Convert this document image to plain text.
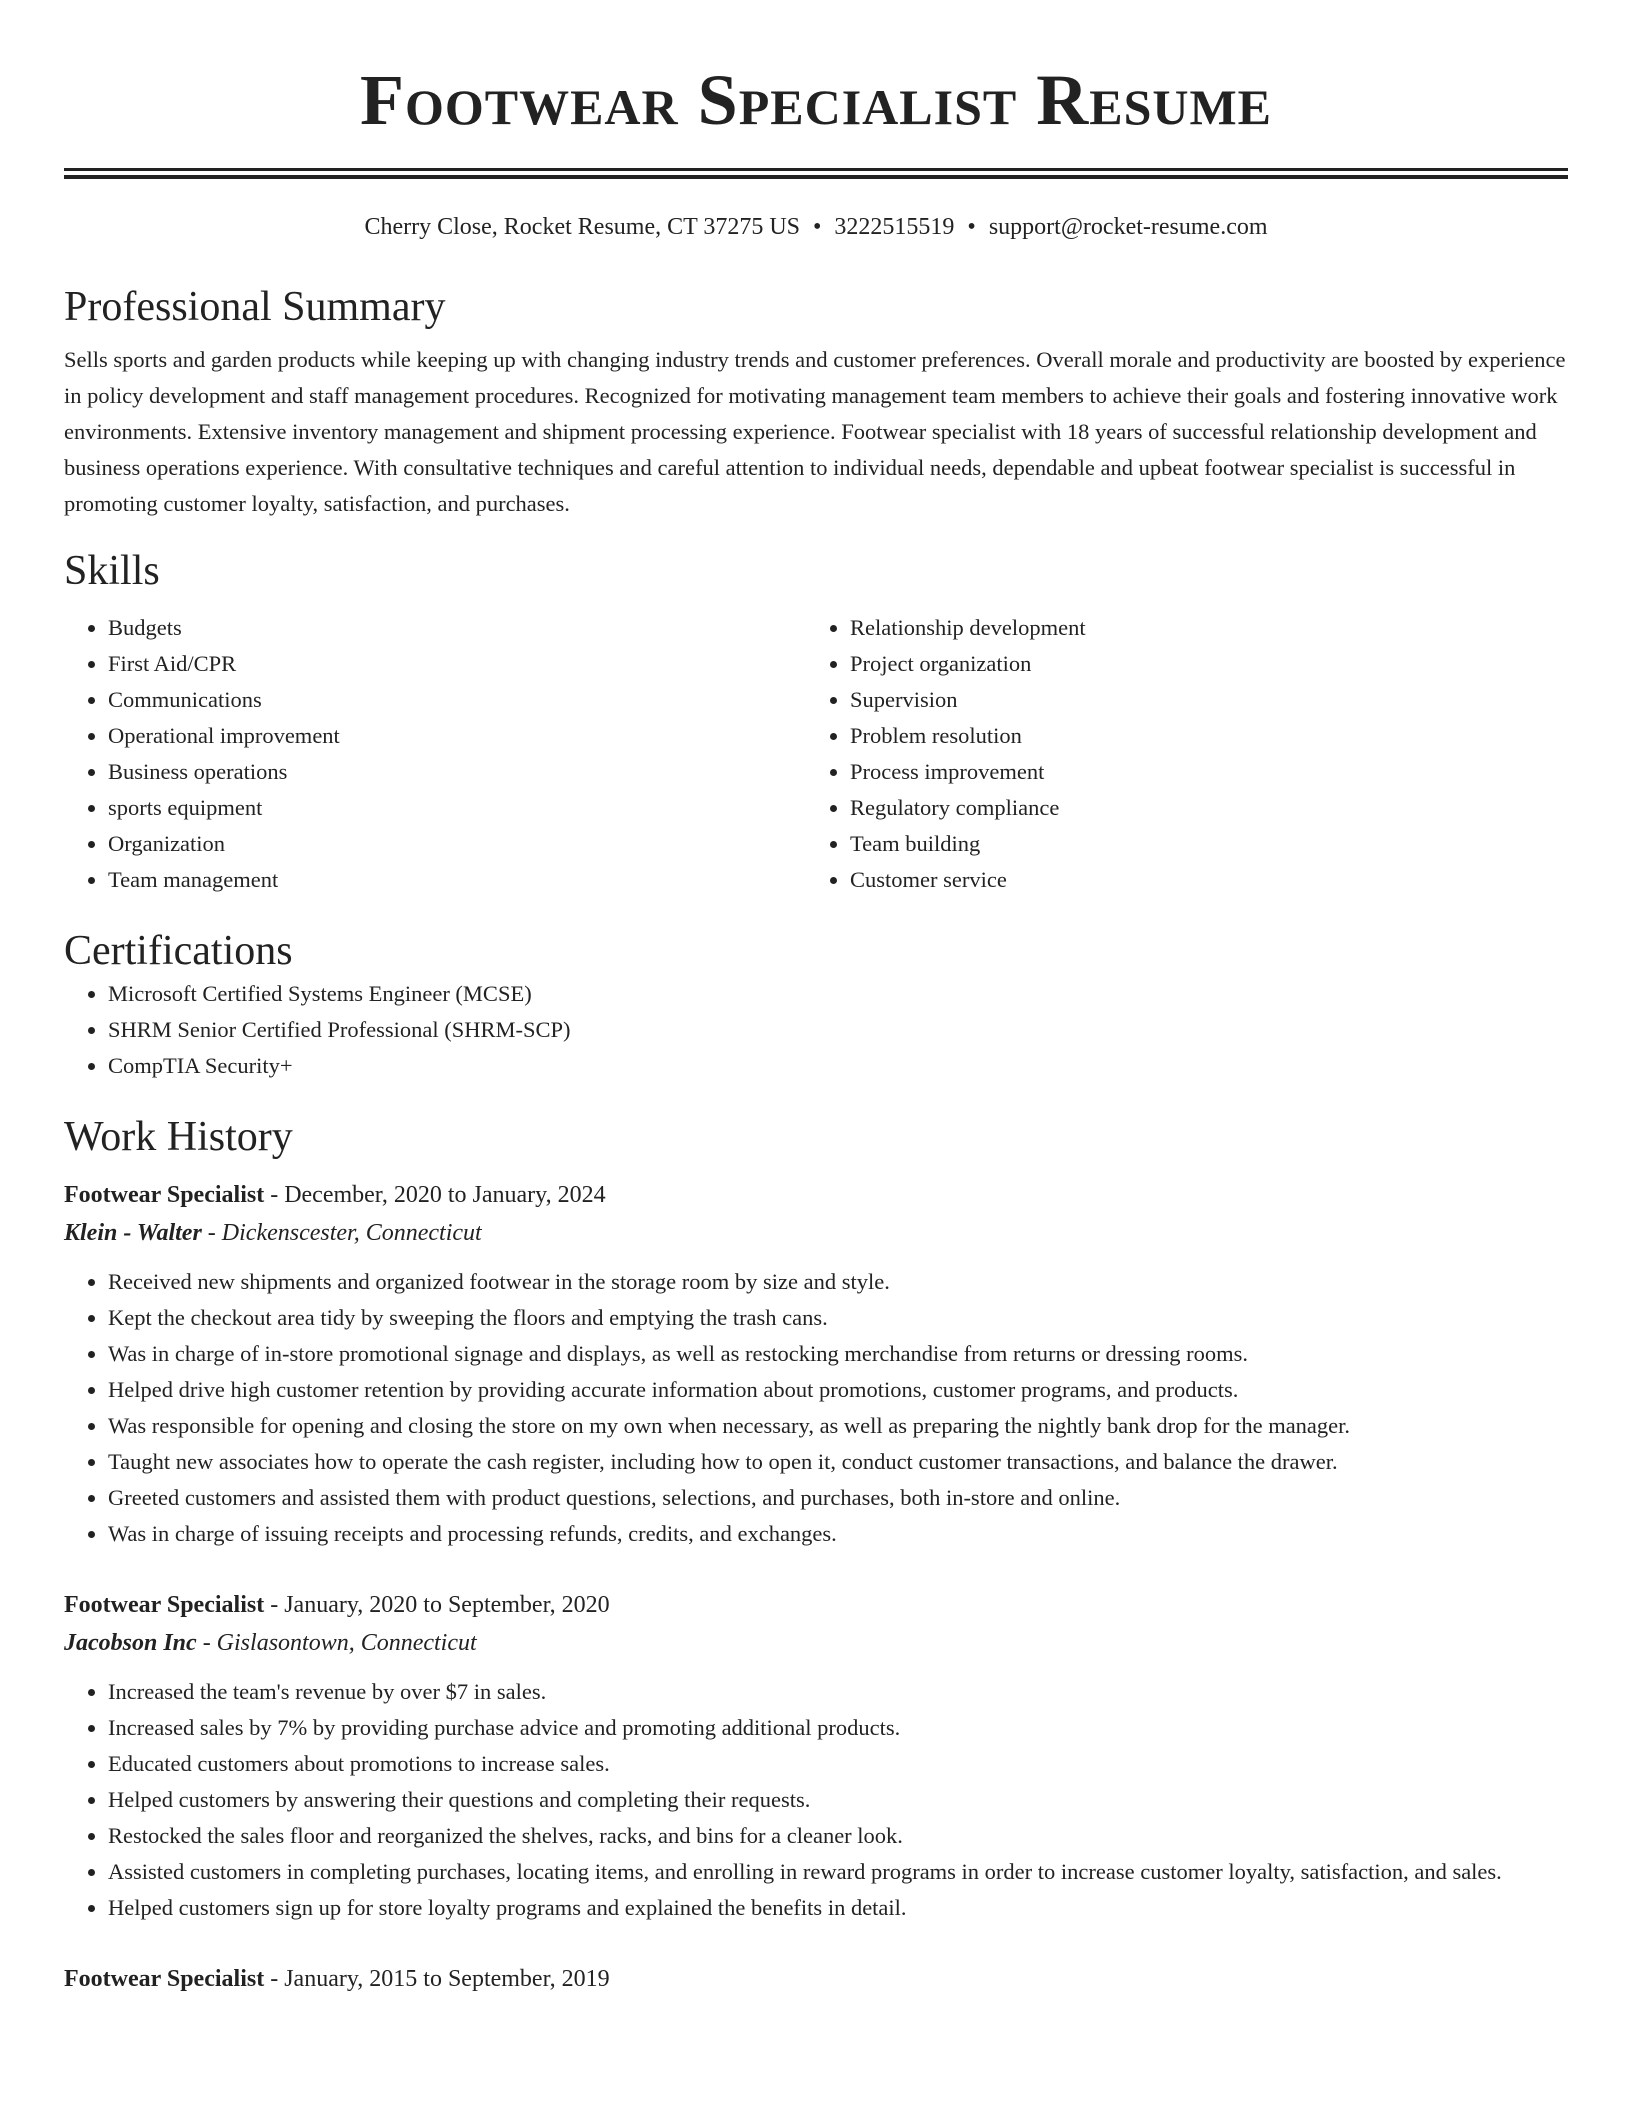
Footwear Specialist Resume
Cherry Close, Rocket Resume, CT 37275 US • 3222515519 • support@rocket-resume.com
Professional Summary

Sells sports and garden products while keeping up with changing industry trends and customer preferences. Overall morale and productivity are boosted by experience in policy development and staff management procedures. Recognized for motivating management team members to achieve their goals and fostering innovative work environments. Extensive inventory management and shipment processing experience. Footwear specialist with 18 years of successful relationship development and business operations experience. With consultative techniques and careful attention to individual needs, dependable and upbeat footwear specialist is successful in promoting customer loyalty, satisfaction, and purchases.

Skills
• Budgets
• First Aid/CPR
• Communications
• Operational improvement
• Business operations
• sports equipment
• Organization
• Team management
• Relationship development
• Project organization
• Supervision
• Problem resolution
• Process improvement
• Regulatory compliance
• Team building
• Customer service
Certifications
• Microsoft Certified Systems Engineer (MCSE)
• SHRM Senior Certified Professional (SHRM-SCP)
• CompTIA Security+
Work History
Footwear Specialist - December, 2020 to January, 2024
Klein - Walter - Dickenscester, Connecticut
• Received new shipments and organized footwear in the storage room by size and style.
• Kept the checkout area tidy by sweeping the floors and emptying the trash cans.
• Was in charge of in-store promotional signage and displays, as well as restocking merchandise from returns or dressing rooms.
• Helped drive high customer retention by providing accurate information about promotions, customer programs, and products.
• Was responsible for opening and closing the store on my own when necessary, as well as preparing the nightly bank drop for the manager.
• Taught new associates how to operate the cash register, including how to open it, conduct customer transactions, and balance the drawer.
• Greeted customers and assisted them with product questions, selections, and purchases, both in-store and online.
• Was in charge of issuing receipts and processing refunds, credits, and exchanges.
Footwear Specialist - January, 2020 to September, 2020
Jacobson Inc - Gislasontown, Connecticut
• Increased the team's revenue by over $7 in sales.
• Increased sales by 7% by providing purchase advice and promoting additional products.
• Educated customers about promotions to increase sales.
• Helped customers by answering their questions and completing their requests.
• Restocked the sales floor and reorganized the shelves, racks, and bins for a cleaner look.
• Assisted customers in completing purchases, locating items, and enrolling in reward programs in order to increase customer loyalty, satisfaction, and sales.
• Helped customers sign up for store loyalty programs and explained the benefits in detail.
Footwear Specialist - January, 2015 to September, 2019
